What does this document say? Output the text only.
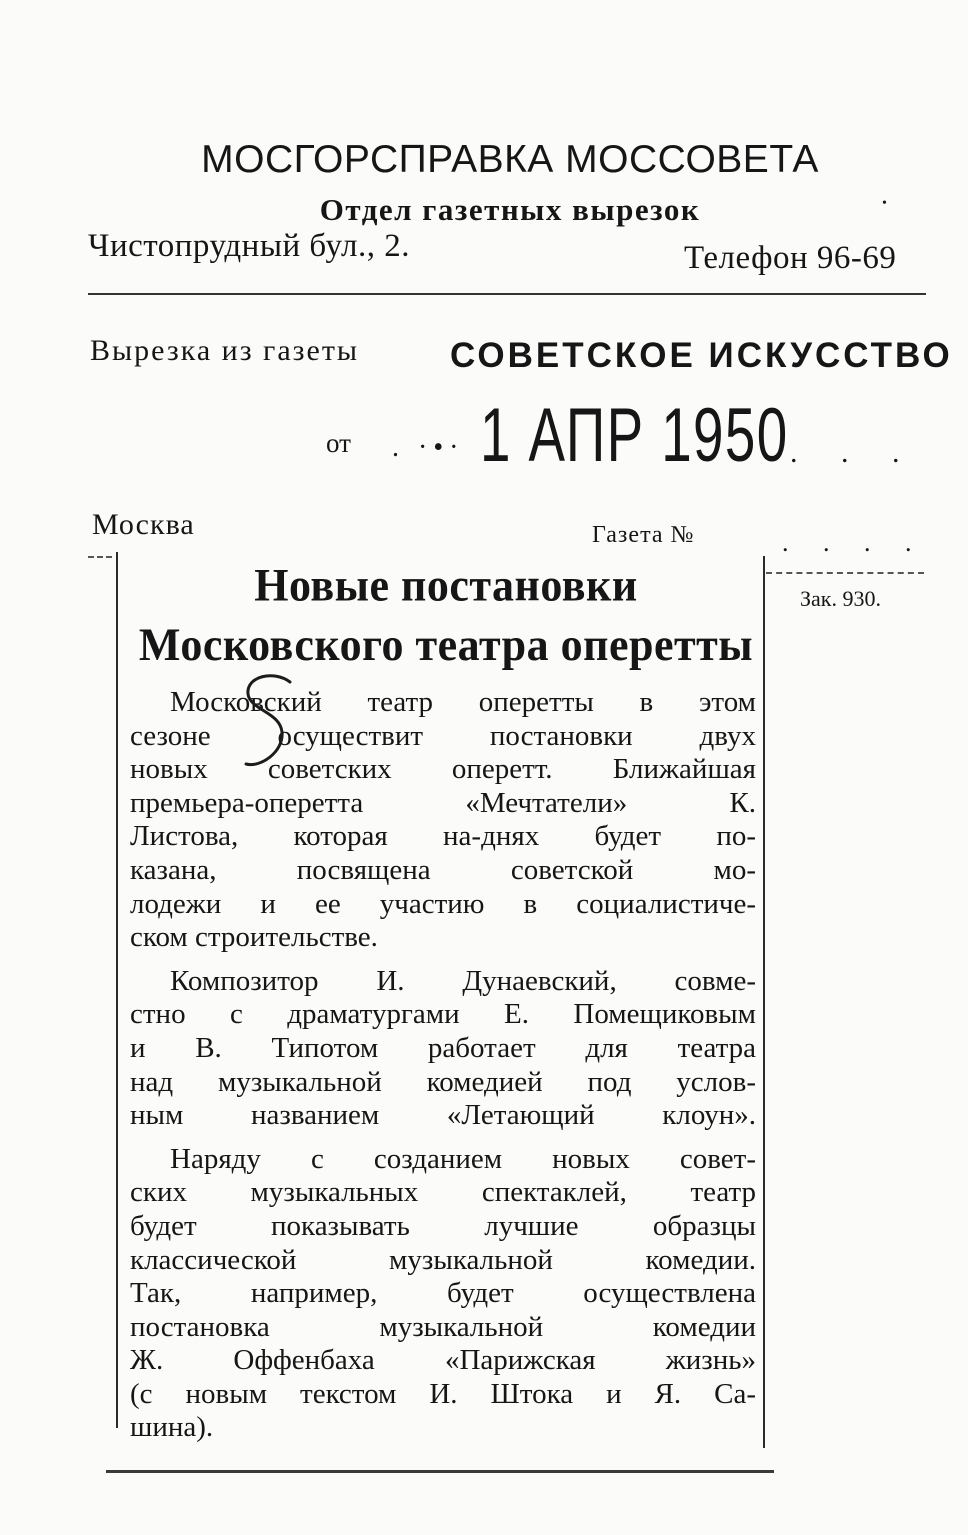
МОСГОРСПРАВКА МОССОВЕТА
Отдел газетных вырезок	•
Чистопрудный бул., 2.	Телефон 96-69
Вырезка из газеты	СОВЕТСКОЕ ИСКУССТВО
от . ·•· 1 АПР 1950 . . .
Москва	Газета №	. . . .
Зак. 930.
Новые постановки
Московского театра оперетты

Московский театр оперетты в этом
сезоне осуществит постановки двух
новых советских оперетт. Ближайшая
премьера-оперетта «Мечтатели» К.
Листова, которая на-днях будет по-
казана, посвящена советской мо-
лодежи и ее участию в социалистиче-
ском строительстве.

Композитор И. Дунаевский, совме-
стно с драматургами Е. Помещиковым
и В. Типотом работает для театра
над музыкальной комедией под услов-
ным названием «Летающий клоун».

Наряду с созданием новых совет-
ских музыкальных спектаклей, театр
будет показывать лучшие образцы
классической музыкальной комедии.
Так, например, будет осуществлена
постановка музыкальной комедии
Ж. Оффенбаха «Парижская жизнь»
(с новым текстом И. Штока и Я. Са-
шина).
